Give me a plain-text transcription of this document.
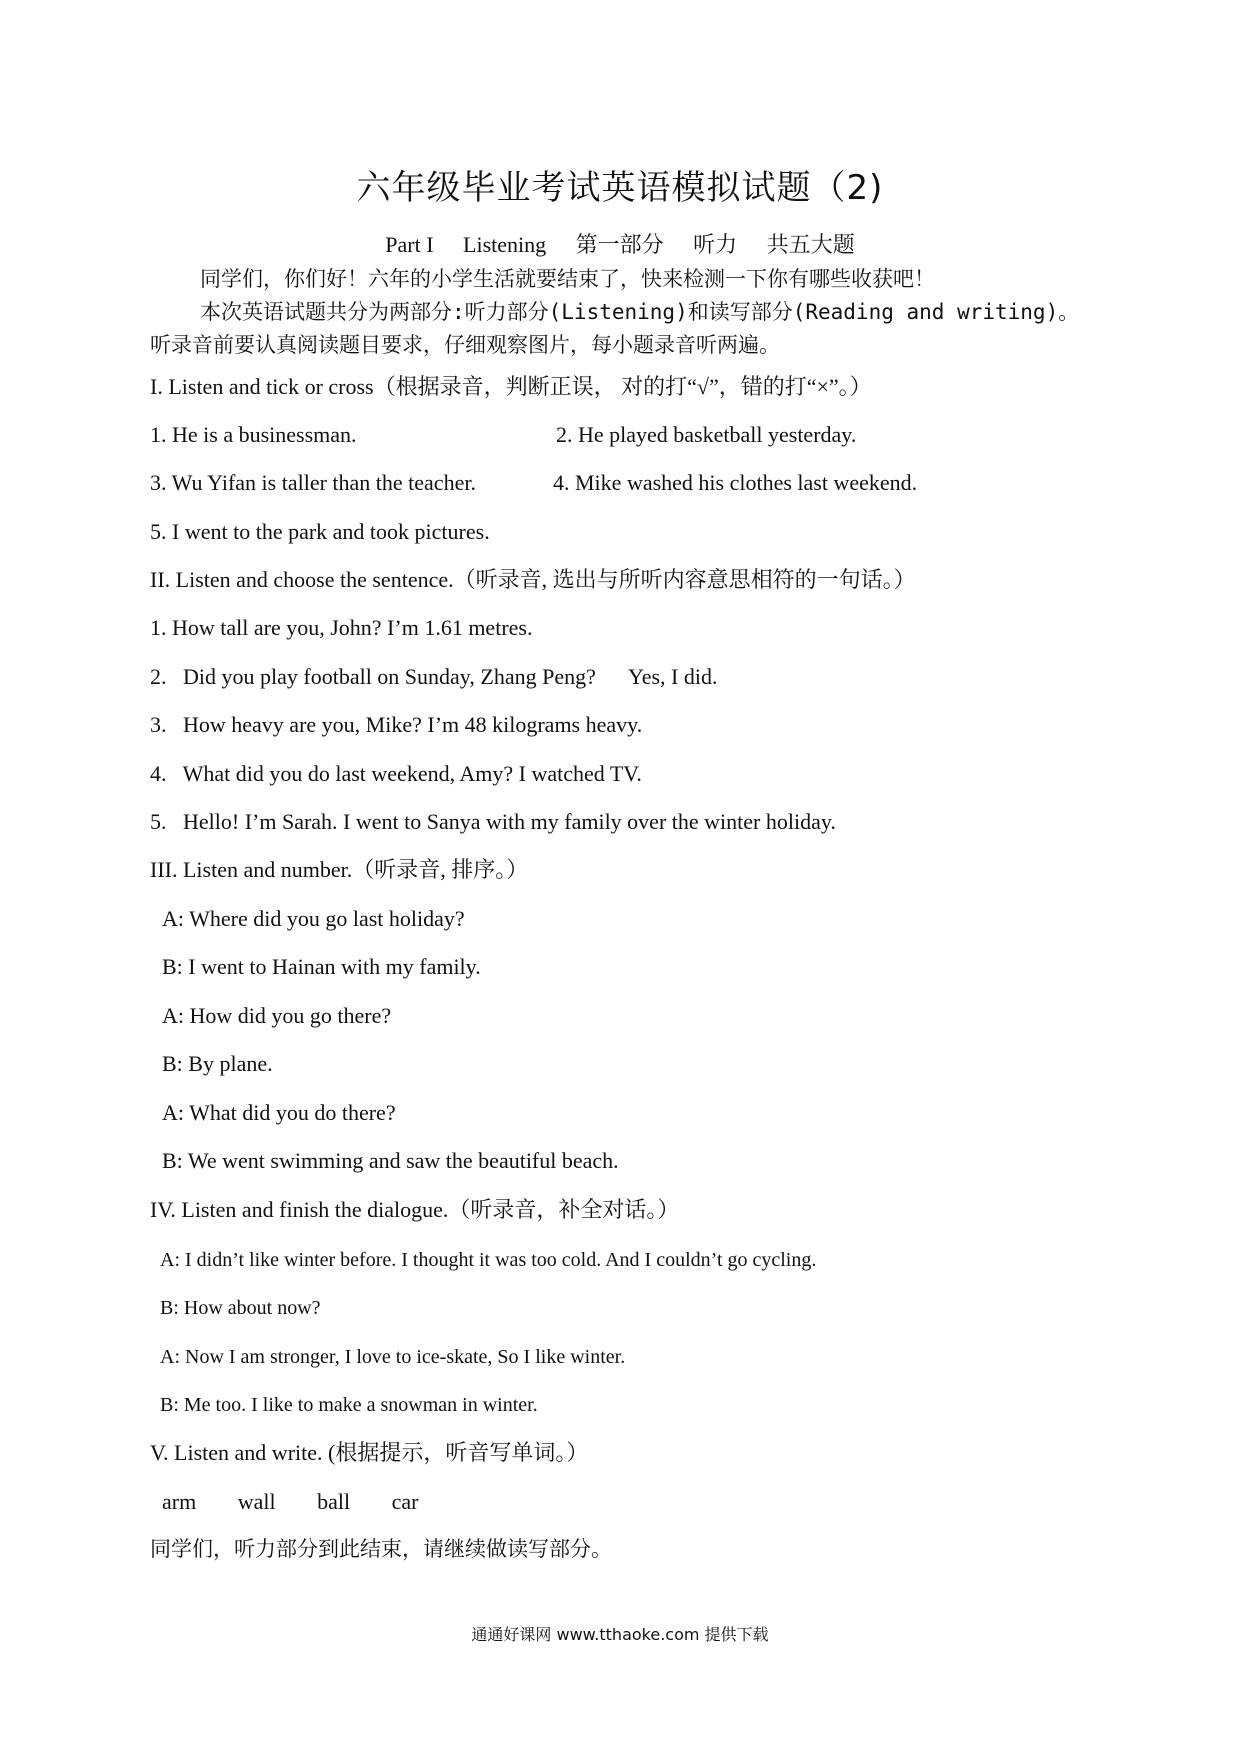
六年级毕业考试英语模拟试题（2)
Part I Listening 第一部分 听力 共五大题
同学们，你们好！六年的小学生活就要结束了，快来检测一下你有哪些收获吧！
本次英语试题共分为两部分:听力部分(Listening)和读写部分(Reading and writing)。
听录音前要认真阅读题目要求，仔细观察图片，每小题录音听两遍。
I. Listen and tick or cross（根据录音，判断正误， 对的打“√”，错的打“×”。）
1. He is a businessman.	2. He played basketball yesterday.
3. Wu Yifan is taller than the teacher.	4. Mike washed his clothes last weekend.
5. I went to the park and took pictures.
II. Listen and choose the sentence.（听录音, 选出与所听内容意思相符的一句话。）
1. How tall are you, John? I’m 1.61 metres.
2.   Did you play football on Sunday, Zhang Peng?      Yes, I did.
3.   How heavy are you, Mike? I’m 48 kilograms heavy.
4.   What did you do last weekend, Amy? I watched TV.
5.   Hello! I’m Sarah. I went to Sanya with my family over the winter holiday.
III. Listen and number.（听录音, 排序。）
A: Where did you go last holiday?
B: I went to Hainan with my family.
A: How did you go there?
B: By plane.
A: What did you do there?
B: We went swimming and saw the beautiful beach.
IV. Listen and finish the dialogue.（听录音，补全对话。）
A: I didn’t like winter before. I thought it was too cold. And I couldn’t go cycling.
B: How about now?
A: Now I am stronger, I love to ice-skate, So I like winter.
B: Me too. I like to make a snowman in winter.
V. Listen and write. (根据提示，听音写单词。）
arm wall ball car
同学们，听力部分到此结束，请继续做读写部分。
通通好课网 www.tthaoke.com 提供下载
